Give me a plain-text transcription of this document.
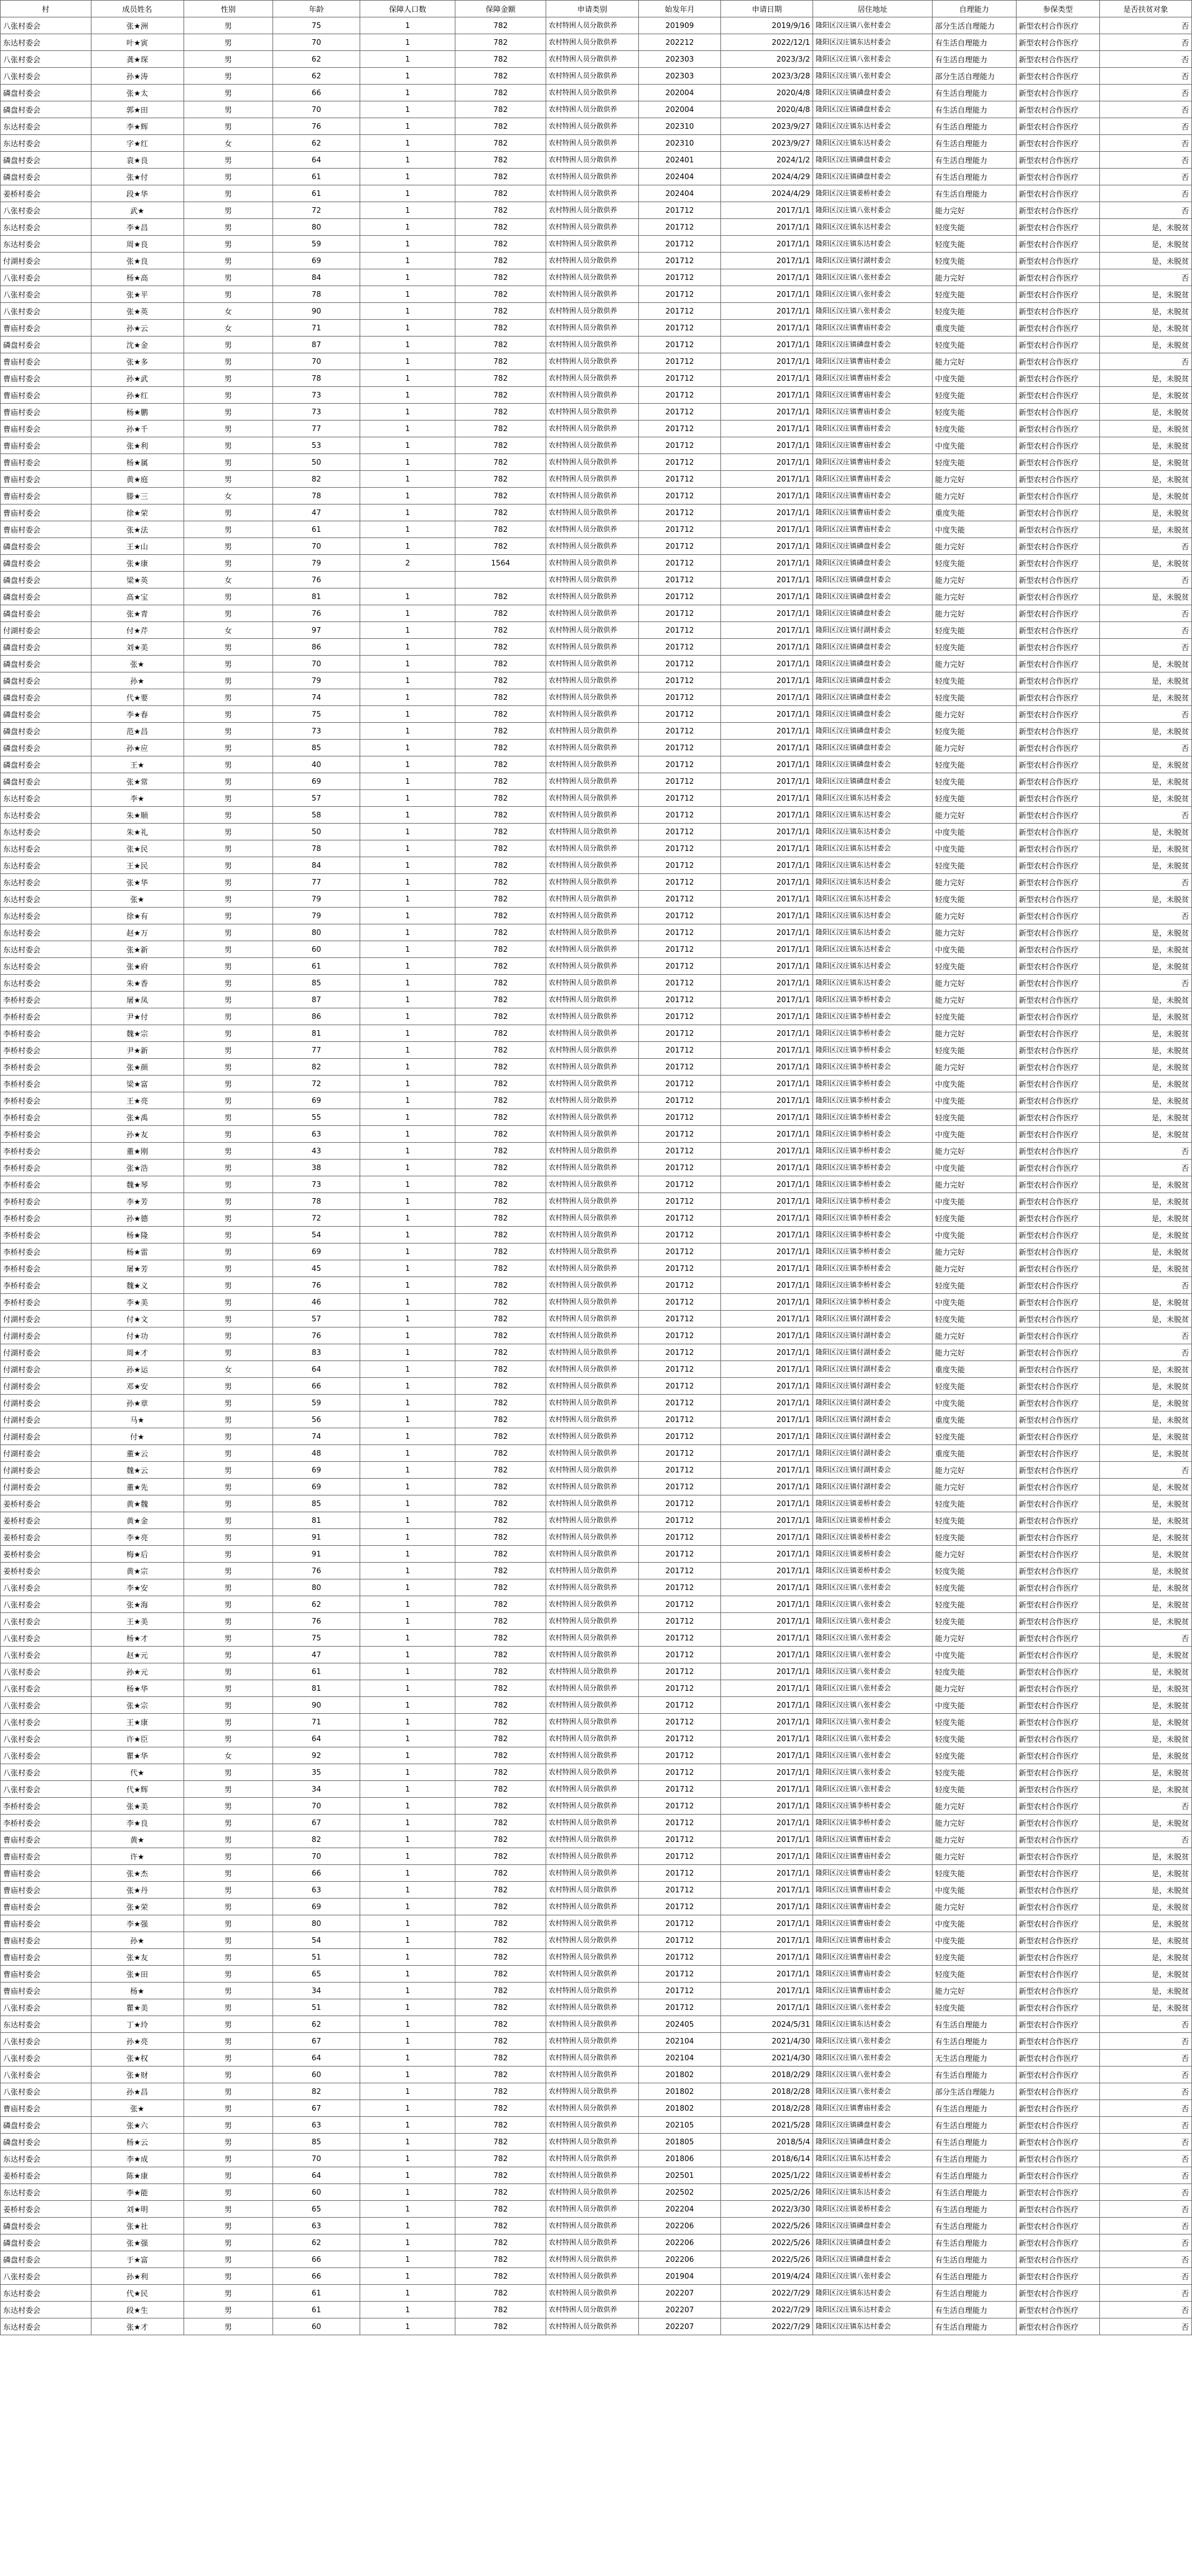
村	成员姓名	性别	年龄	保障人口数	保障金额	申请类别	始发年月	申请日期	居住地址	自理能力	参保类型	是否扶贫对象
八张村委会	张★洲	男	75	1	782	农村特困人员分散供养	201909	2019/9/16	隆阳区汉庄镇八张村委会	部分生活自理能力	新型农村合作医疗	否
东达村委会	叶★寅	男	70	1	782	农村特困人员分散供养	202212	2022/12/1	隆阳区汉庄镇东达村委会	有生活自理能力	新型农村合作医疗	否
八张村委会	龚★琛	男	62	1	782	农村特困人员分散供养	202303	2023/3/2	隆阳区汉庄镇八张村委会	有生活自理能力	新型农村合作医疗	否
八张村委会	孙★涛	男	62	1	782	农村特困人员分散供养	202303	2023/3/28	隆阳区汉庄镇八张村委会	部分生活自理能力	新型农村合作医疗	否
磷盘村委会	张★太	男	66	1	782	农村特困人员分散供养	202004	2020/4/8	隆阳区汉庄镇磷盘村委会	有生活自理能力	新型农村合作医疗	否
磷盘村委会	郭★田	男	70	1	782	农村特困人员分散供养	202004	2020/4/8	隆阳区汉庄镇磷盘村委会	有生活自理能力	新型农村合作医疗	否
东达村委会	李★辉	男	76	1	782	农村特困人员分散供养	202310	2023/9/27	隆阳区汉庄镇东达村委会	有生活自理能力	新型农村合作医疗	否
东达村委会	字★红	女	62	1	782	农村特困人员分散供养	202310	2023/9/27	隆阳区汉庄镇东达村委会	有生活自理能力	新型农村合作医疗	否
磷盘村委会	袁★良	男	64	1	782	农村特困人员分散供养	202401	2024/1/2	隆阳区汉庄镇磷盘村委会	有生活自理能力	新型农村合作医疗	否
磷盘村委会	张★付	男	61	1	782	农村特困人员分散供养	202404	2024/4/29	隆阳区汉庄镇磷盘村委会	有生活自理能力	新型农村合作医疗	否
姜桥村委会	段★华	男	61	1	782	农村特困人员分散供养	202404	2024/4/29	隆阳区汉庄镇姜桥村委会	有生活自理能力	新型农村合作医疗	否
八张村委会	武★	男	72	1	782	农村特困人员分散供养	201712	2017/1/1	隆阳区汉庄镇八张村委会	能力完好	新型农村合作医疗	否
东达村委会	李★昌	男	80	1	782	农村特困人员分散供养	201712	2017/1/1	隆阳区汉庄镇东达村委会	轻度失能	新型农村合作医疗	是，未脱贫
东达村委会	周★良	男	59	1	782	农村特困人员分散供养	201712	2017/1/1	隆阳区汉庄镇东达村委会	轻度失能	新型农村合作医疗	是，未脱贫
付湖村委会	张★良	男	69	1	782	农村特困人员分散供养	201712	2017/1/1	隆阳区汉庄镇付湖村委会	轻度失能	新型农村合作医疗	是，未脱贫
八张村委会	杨★高	男	84	1	782	农村特困人员分散供养	201712	2017/1/1	隆阳区汉庄镇八张村委会	能力完好	新型农村合作医疗	否
八张村委会	张★平	男	78	1	782	农村特困人员分散供养	201712	2017/1/1	隆阳区汉庄镇八张村委会	轻度失能	新型农村合作医疗	是，未脱贫
八张村委会	张★英	女	90	1	782	农村特困人员分散供养	201712	2017/1/1	隆阳区汉庄镇八张村委会	轻度失能	新型农村合作医疗	是，未脱贫
曹庙村委会	孙★云	女	71	1	782	农村特困人员分散供养	201712	2017/1/1	隆阳区汉庄镇曹庙村委会	重度失能	新型农村合作医疗	是，未脱贫
磷盘村委会	沈★金	男	87	1	782	农村特困人员分散供养	201712	2017/1/1	隆阳区汉庄镇磷盘村委会	轻度失能	新型农村合作医疗	是，未脱贫
曹庙村委会	张★多	男	70	1	782	农村特困人员分散供养	201712	2017/1/1	隆阳区汉庄镇曹庙村委会	能力完好	新型农村合作医疗	否
曹庙村委会	孙★武	男	78	1	782	农村特困人员分散供养	201712	2017/1/1	隆阳区汉庄镇曹庙村委会	中度失能	新型农村合作医疗	是，未脱贫
曹庙村委会	孙★红	男	73	1	782	农村特困人员分散供养	201712	2017/1/1	隆阳区汉庄镇曹庙村委会	轻度失能	新型农村合作医疗	是，未脱贫
曹庙村委会	杨★鹏	男	73	1	782	农村特困人员分散供养	201712	2017/1/1	隆阳区汉庄镇曹庙村委会	轻度失能	新型农村合作医疗	是，未脱贫
曹庙村委会	孙★千	男	77	1	782	农村特困人员分散供养	201712	2017/1/1	隆阳区汉庄镇曹庙村委会	轻度失能	新型农村合作医疗	是，未脱贫
曹庙村委会	张★利	男	53	1	782	农村特困人员分散供养	201712	2017/1/1	隆阳区汉庄镇曹庙村委会	中度失能	新型农村合作医疗	是，未脱贫
曹庙村委会	杨★属	男	50	1	782	农村特困人员分散供养	201712	2017/1/1	隆阳区汉庄镇曹庙村委会	轻度失能	新型农村合作医疗	是，未脱贫
曹庙村委会	黄★庭	男	82	1	782	农村特困人员分散供养	201712	2017/1/1	隆阳区汉庄镇曹庙村委会	能力完好	新型农村合作医疗	是，未脱贫
曹庙村委会	滕★三	女	78	1	782	农村特困人员分散供养	201712	2017/1/1	隆阳区汉庄镇曹庙村委会	能力完好	新型农村合作医疗	是，未脱贫
曹庙村委会	徐★荣	男	47	1	782	农村特困人员分散供养	201712	2017/1/1	隆阳区汉庄镇曹庙村委会	重度失能	新型农村合作医疗	是，未脱贫
曹庙村委会	张★法	男	61	1	782	农村特困人员分散供养	201712	2017/1/1	隆阳区汉庄镇曹庙村委会	中度失能	新型农村合作医疗	是，未脱贫
磷盘村委会	王★山	男	70	1	782	农村特困人员分散供养	201712	2017/1/1	隆阳区汉庄镇磷盘村委会	能力完好	新型农村合作医疗	否
磷盘村委会	张★康	男	79	2	1564	农村特困人员分散供养	201712	2017/1/1	隆阳区汉庄镇磷盘村委会	轻度失能	新型农村合作医疗	是，未脱贫
磷盘村委会	梁★英	女	76			农村特困人员分散供养	201712	2017/1/1	隆阳区汉庄镇磷盘村委会	能力完好	新型农村合作医疗	否
磷盘村委会	高★宝	男	81	1	782	农村特困人员分散供养	201712	2017/1/1	隆阳区汉庄镇磷盘村委会	能力完好	新型农村合作医疗	是，未脱贫
磷盘村委会	张★青	男	76	1	782	农村特困人员分散供养	201712	2017/1/1	隆阳区汉庄镇磷盘村委会	能力完好	新型农村合作医疗	否
付湖村委会	付★芹	女	97	1	782	农村特困人员分散供养	201712	2017/1/1	隆阳区汉庄镇付湖村委会	轻度失能	新型农村合作医疗	否
磷盘村委会	刘★美	男	86	1	782	农村特困人员分散供养	201712	2017/1/1	隆阳区汉庄镇磷盘村委会	轻度失能	新型农村合作医疗	否
磷盘村委会	张★	男	70	1	782	农村特困人员分散供养	201712	2017/1/1	隆阳区汉庄镇磷盘村委会	能力完好	新型农村合作医疗	是，未脱贫
磷盘村委会	孙★	男	79	1	782	农村特困人员分散供养	201712	2017/1/1	隆阳区汉庄镇磷盘村委会	轻度失能	新型农村合作医疗	是，未脱贫
磷盘村委会	代★要	男	74	1	782	农村特困人员分散供养	201712	2017/1/1	隆阳区汉庄镇磷盘村委会	轻度失能	新型农村合作医疗	是，未脱贫
磷盘村委会	李★春	男	75	1	782	农村特困人员分散供养	201712	2017/1/1	隆阳区汉庄镇磷盘村委会	能力完好	新型农村合作医疗	否
磷盘村委会	范★昌	男	73	1	782	农村特困人员分散供养	201712	2017/1/1	隆阳区汉庄镇磷盘村委会	轻度失能	新型农村合作医疗	是，未脱贫
磷盘村委会	孙★应	男	85	1	782	农村特困人员分散供养	201712	2017/1/1	隆阳区汉庄镇磷盘村委会	能力完好	新型农村合作医疗	否
磷盘村委会	王★	男	40	1	782	农村特困人员分散供养	201712	2017/1/1	隆阳区汉庄镇磷盘村委会	轻度失能	新型农村合作医疗	是，未脱贫
磷盘村委会	张★常	男	69	1	782	农村特困人员分散供养	201712	2017/1/1	隆阳区汉庄镇磷盘村委会	轻度失能	新型农村合作医疗	是，未脱贫
东达村委会	李★	男	57	1	782	农村特困人员分散供养	201712	2017/1/1	隆阳区汉庄镇东达村委会	轻度失能	新型农村合作医疗	是，未脱贫
东达村委会	朱★顺	男	58	1	782	农村特困人员分散供养	201712	2017/1/1	隆阳区汉庄镇东达村委会	能力完好	新型农村合作医疗	否
东达村委会	朱★礼	男	50	1	782	农村特困人员分散供养	201712	2017/1/1	隆阳区汉庄镇东达村委会	中度失能	新型农村合作医疗	是，未脱贫
东达村委会	张★民	男	78	1	782	农村特困人员分散供养	201712	2017/1/1	隆阳区汉庄镇东达村委会	中度失能	新型农村合作医疗	是，未脱贫
东达村委会	王★民	男	84	1	782	农村特困人员分散供养	201712	2017/1/1	隆阳区汉庄镇东达村委会	轻度失能	新型农村合作医疗	是，未脱贫
东达村委会	张★华	男	77	1	782	农村特困人员分散供养	201712	2017/1/1	隆阳区汉庄镇东达村委会	能力完好	新型农村合作医疗	否
东达村委会	张★	男	79	1	782	农村特困人员分散供养	201712	2017/1/1	隆阳区汉庄镇东达村委会	轻度失能	新型农村合作医疗	是，未脱贫
东达村委会	徐★有	男	79	1	782	农村特困人员分散供养	201712	2017/1/1	隆阳区汉庄镇东达村委会	能力完好	新型农村合作医疗	否
东达村委会	赵★万	男	80	1	782	农村特困人员分散供养	201712	2017/1/1	隆阳区汉庄镇东达村委会	能力完好	新型农村合作医疗	是，未脱贫
东达村委会	张★新	男	60	1	782	农村特困人员分散供养	201712	2017/1/1	隆阳区汉庄镇东达村委会	中度失能	新型农村合作医疗	是，未脱贫
东达村委会	张★府	男	61	1	782	农村特困人员分散供养	201712	2017/1/1	隆阳区汉庄镇东达村委会	轻度失能	新型农村合作医疗	是，未脱贫
东达村委会	朱★香	男	85	1	782	农村特困人员分散供养	201712	2017/1/1	隆阳区汉庄镇东达村委会	能力完好	新型农村合作医疗	否
李桥村委会	屠★凤	男	87	1	782	农村特困人员分散供养	201712	2017/1/1	隆阳区汉庄镇李桥村委会	能力完好	新型农村合作医疗	是，未脱贫
李桥村委会	尹★付	男	86	1	782	农村特困人员分散供养	201712	2017/1/1	隆阳区汉庄镇李桥村委会	轻度失能	新型农村合作医疗	是，未脱贫
李桥村委会	魏★宗	男	81	1	782	农村特困人员分散供养	201712	2017/1/1	隆阳区汉庄镇李桥村委会	能力完好	新型农村合作医疗	是，未脱贫
李桥村委会	尹★新	男	77	1	782	农村特困人员分散供养	201712	2017/1/1	隆阳区汉庄镇李桥村委会	轻度失能	新型农村合作医疗	是，未脱贫
李桥村委会	张★颜	男	82	1	782	农村特困人员分散供养	201712	2017/1/1	隆阳区汉庄镇李桥村委会	能力完好	新型农村合作医疗	是，未脱贫
李桥村委会	梁★富	男	72	1	782	农村特困人员分散供养	201712	2017/1/1	隆阳区汉庄镇李桥村委会	中度失能	新型农村合作医疗	是，未脱贫
李桥村委会	王★亮	男	69	1	782	农村特困人员分散供养	201712	2017/1/1	隆阳区汉庄镇李桥村委会	中度失能	新型农村合作医疗	是，未脱贫
李桥村委会	张★禹	男	55	1	782	农村特困人员分散供养	201712	2017/1/1	隆阳区汉庄镇李桥村委会	轻度失能	新型农村合作医疗	是，未脱贫
李桥村委会	孙★友	男	63	1	782	农村特困人员分散供养	201712	2017/1/1	隆阳区汉庄镇李桥村委会	中度失能	新型农村合作医疗	是，未脱贫
李桥村委会	董★刚	男	43	1	782	农村特困人员分散供养	201712	2017/1/1	隆阳区汉庄镇李桥村委会	能力完好	新型农村合作医疗	否
李桥村委会	张★浩	男	38	1	782	农村特困人员分散供养	201712	2017/1/1	隆阳区汉庄镇李桥村委会	中度失能	新型农村合作医疗	否
李桥村委会	魏★琴	男	73	1	782	农村特困人员分散供养	201712	2017/1/1	隆阳区汉庄镇李桥村委会	能力完好	新型农村合作医疗	是，未脱贫
李桥村委会	李★芳	男	78	1	782	农村特困人员分散供养	201712	2017/1/1	隆阳区汉庄镇李桥村委会	中度失能	新型农村合作医疗	是，未脱贫
李桥村委会	孙★德	男	72	1	782	农村特困人员分散供养	201712	2017/1/1	隆阳区汉庄镇李桥村委会	轻度失能	新型农村合作医疗	是，未脱贫
李桥村委会	杨★隆	男	54	1	782	农村特困人员分散供养	201712	2017/1/1	隆阳区汉庄镇李桥村委会	中度失能	新型农村合作医疗	是，未脱贫
李桥村委会	杨★雷	男	69	1	782	农村特困人员分散供养	201712	2017/1/1	隆阳区汉庄镇李桥村委会	能力完好	新型农村合作医疗	是，未脱贫
李桥村委会	屠★芳	男	45	1	782	农村特困人员分散供养	201712	2017/1/1	隆阳区汉庄镇李桥村委会	能力完好	新型农村合作医疗	是，未脱贫
李桥村委会	魏★义	男	76	1	782	农村特困人员分散供养	201712	2017/1/1	隆阳区汉庄镇李桥村委会	轻度失能	新型农村合作医疗	否
李桥村委会	李★美	男	46	1	782	农村特困人员分散供养	201712	2017/1/1	隆阳区汉庄镇李桥村委会	中度失能	新型农村合作医疗	是，未脱贫
付湖村委会	付★文	男	57	1	782	农村特困人员分散供养	201712	2017/1/1	隆阳区汉庄镇付湖村委会	轻度失能	新型农村合作医疗	是，未脱贫
付湖村委会	付★功	男	76	1	782	农村特困人员分散供养	201712	2017/1/1	隆阳区汉庄镇付湖村委会	能力完好	新型农村合作医疗	否
付湖村委会	周★才	男	83	1	782	农村特困人员分散供养	201712	2017/1/1	隆阳区汉庄镇付湖村委会	能力完好	新型农村合作医疗	否
付湖村委会	孙★运	女	64	1	782	农村特困人员分散供养	201712	2017/1/1	隆阳区汉庄镇付湖村委会	重度失能	新型农村合作医疗	是，未脱贫
付湖村委会	邓★安	男	66	1	782	农村特困人员分散供养	201712	2017/1/1	隆阳区汉庄镇付湖村委会	轻度失能	新型农村合作医疗	是，未脱贫
付湖村委会	孙★章	男	59	1	782	农村特困人员分散供养	201712	2017/1/1	隆阳区汉庄镇付湖村委会	中度失能	新型农村合作医疗	是，未脱贫
付湖村委会	马★	男	56	1	782	农村特困人员分散供养	201712	2017/1/1	隆阳区汉庄镇付湖村委会	重度失能	新型农村合作医疗	是，未脱贫
付湖村委会	付★	男	74	1	782	农村特困人员分散供养	201712	2017/1/1	隆阳区汉庄镇付湖村委会	轻度失能	新型农村合作医疗	是，未脱贫
付湖村委会	董★云	男	48	1	782	农村特困人员分散供养	201712	2017/1/1	隆阳区汉庄镇付湖村委会	重度失能	新型农村合作医疗	是，未脱贫
付湖村委会	魏★云	男	69	1	782	农村特困人员分散供养	201712	2017/1/1	隆阳区汉庄镇付湖村委会	能力完好	新型农村合作医疗	否
付湖村委会	董★先	男	69	1	782	农村特困人员分散供养	201712	2017/1/1	隆阳区汉庄镇付湖村委会	能力完好	新型农村合作医疗	是，未脱贫
姜桥村委会	黄★魏	男	85	1	782	农村特困人员分散供养	201712	2017/1/1	隆阳区汉庄镇姜桥村委会	轻度失能	新型农村合作医疗	是，未脱贫
姜桥村委会	黄★金	男	81	1	782	农村特困人员分散供养	201712	2017/1/1	隆阳区汉庄镇姜桥村委会	轻度失能	新型农村合作医疗	是，未脱贫
姜桥村委会	李★亮	男	91	1	782	农村特困人员分散供养	201712	2017/1/1	隆阳区汉庄镇姜桥村委会	轻度失能	新型农村合作医疗	是，未脱贫
姜桥村委会	梅★后	男	91	1	782	农村特困人员分散供养	201712	2017/1/1	隆阳区汉庄镇姜桥村委会	能力完好	新型农村合作医疗	是，未脱贫
姜桥村委会	黄★宗	男	76	1	782	农村特困人员分散供养	201712	2017/1/1	隆阳区汉庄镇姜桥村委会	轻度失能	新型农村合作医疗	是，未脱贫
八张村委会	李★安	男	80	1	782	农村特困人员分散供养	201712	2017/1/1	隆阳区汉庄镇八张村委会	轻度失能	新型农村合作医疗	是，未脱贫
八张村委会	张★海	男	62	1	782	农村特困人员分散供养	201712	2017/1/1	隆阳区汉庄镇八张村委会	轻度失能	新型农村合作医疗	是，未脱贫
八张村委会	王★美	男	76	1	782	农村特困人员分散供养	201712	2017/1/1	隆阳区汉庄镇八张村委会	轻度失能	新型农村合作医疗	是，未脱贫
八张村委会	杨★才	男	75	1	782	农村特困人员分散供养	201712	2017/1/1	隆阳区汉庄镇八张村委会	能力完好	新型农村合作医疗	否
八张村委会	赵★元	男	47	1	782	农村特困人员分散供养	201712	2017/1/1	隆阳区汉庄镇八张村委会	中度失能	新型农村合作医疗	是，未脱贫
八张村委会	孙★元	男	61	1	782	农村特困人员分散供养	201712	2017/1/1	隆阳区汉庄镇八张村委会	轻度失能	新型农村合作医疗	是，未脱贫
八张村委会	杨★华	男	81	1	782	农村特困人员分散供养	201712	2017/1/1	隆阳区汉庄镇八张村委会	能力完好	新型农村合作医疗	是，未脱贫
八张村委会	张★宗	男	90	1	782	农村特困人员分散供养	201712	2017/1/1	隆阳区汉庄镇八张村委会	中度失能	新型农村合作医疗	是，未脱贫
八张村委会	王★康	男	71	1	782	农村特困人员分散供养	201712	2017/1/1	隆阳区汉庄镇八张村委会	轻度失能	新型农村合作医疗	是，未脱贫
八张村委会	许★臣	男	64	1	782	农村特困人员分散供养	201712	2017/1/1	隆阳区汉庄镇八张村委会	轻度失能	新型农村合作医疗	是，未脱贫
八张村委会	瞿★华	女	92	1	782	农村特困人员分散供养	201712	2017/1/1	隆阳区汉庄镇八张村委会	轻度失能	新型农村合作医疗	是，未脱贫
八张村委会	代★	男	35	1	782	农村特困人员分散供养	201712	2017/1/1	隆阳区汉庄镇八张村委会	轻度失能	新型农村合作医疗	是，未脱贫
八张村委会	代★辉	男	34	1	782	农村特困人员分散供养	201712	2017/1/1	隆阳区汉庄镇八张村委会	轻度失能	新型农村合作医疗	是，未脱贫
李桥村委会	张★美	男	70	1	782	农村特困人员分散供养	201712	2017/1/1	隆阳区汉庄镇李桥村委会	能力完好	新型农村合作医疗	否
李桥村委会	李★良	男	67	1	782	农村特困人员分散供养	201712	2017/1/1	隆阳区汉庄镇李桥村委会	能力完好	新型农村合作医疗	是，未脱贫
曹庙村委会	黄★	男	82	1	782	农村特困人员分散供养	201712	2017/1/1	隆阳区汉庄镇曹庙村委会	能力完好	新型农村合作医疗	否
曹庙村委会	许★	男	70	1	782	农村特困人员分散供养	201712	2017/1/1	隆阳区汉庄镇曹庙村委会	能力完好	新型农村合作医疗	是，未脱贫
曹庙村委会	张★杰	男	66	1	782	农村特困人员分散供养	201712	2017/1/1	隆阳区汉庄镇曹庙村委会	轻度失能	新型农村合作医疗	是，未脱贫
曹庙村委会	张★丹	男	63	1	782	农村特困人员分散供养	201712	2017/1/1	隆阳区汉庄镇曹庙村委会	中度失能	新型农村合作医疗	是，未脱贫
曹庙村委会	张★荣	男	69	1	782	农村特困人员分散供养	201712	2017/1/1	隆阳区汉庄镇曹庙村委会	能力完好	新型农村合作医疗	是，未脱贫
曹庙村委会	李★强	男	80	1	782	农村特困人员分散供养	201712	2017/1/1	隆阳区汉庄镇曹庙村委会	中度失能	新型农村合作医疗	是，未脱贫
曹庙村委会	孙★	男	54	1	782	农村特困人员分散供养	201712	2017/1/1	隆阳区汉庄镇曹庙村委会	中度失能	新型农村合作医疗	是，未脱贫
曹庙村委会	张★友	男	51	1	782	农村特困人员分散供养	201712	2017/1/1	隆阳区汉庄镇曹庙村委会	轻度失能	新型农村合作医疗	是，未脱贫
曹庙村委会	张★田	男	65	1	782	农村特困人员分散供养	201712	2017/1/1	隆阳区汉庄镇曹庙村委会	轻度失能	新型农村合作医疗	是，未脱贫
曹庙村委会	杨★	男	34	1	782	农村特困人员分散供养	201712	2017/1/1	隆阳区汉庄镇曹庙村委会	能力完好	新型农村合作医疗	是，未脱贫
八张村委会	瞿★美	男	51	1	782	农村特困人员分散供养	201712	2017/1/1	隆阳区汉庄镇八张村委会	轻度失能	新型农村合作医疗	是，未脱贫
东达村委会	丁★玲	男	62	1	782	农村特困人员分散供养	202405	2024/5/31	隆阳区汉庄镇东达村委会	有生活自理能力	新型农村合作医疗	否
八张村委会	孙★亮	男	67	1	782	农村特困人员分散供养	202104	2021/4/30	隆阳区汉庄镇八张村委会	有生活自理能力	新型农村合作医疗	否
八张村委会	张★权	男	64	1	782	农村特困人员分散供养	202104	2021/4/30	隆阳区汉庄镇八张村委会	无生活自理能力	新型农村合作医疗	否
八张村委会	张★财	男	60	1	782	农村特困人员分散供养	201802	2018/2/29	隆阳区汉庄镇八张村委会	有生活自理能力	新型农村合作医疗	否
八张村委会	孙★昌	男	82	1	782	农村特困人员分散供养	201802	2018/2/28	隆阳区汉庄镇八张村委会	部分生活自理能力	新型农村合作医疗	否
曹庙村委会	张★	男	67	1	782	农村特困人员分散供养	201802	2018/2/28	隆阳区汉庄镇曹庙村委会	有生活自理能力	新型农村合作医疗	否
磷盘村委会	张★六	男	63	1	782	农村特困人员分散供养	202105	2021/5/28	隆阳区汉庄镇磷盘村委会	有生活自理能力	新型农村合作医疗	否
磷盘村委会	杨★云	男	85	1	782	农村特困人员分散供养	201805	2018/5/4	隆阳区汉庄镇磷盘村委会	有生活自理能力	新型农村合作医疗	否
东达村委会	李★成	男	70	1	782	农村特困人员分散供养	201806	2018/6/14	隆阳区汉庄镇东达村委会	有生活自理能力	新型农村合作医疗	否
姜桥村委会	陈★康	男	64	1	782	农村特困人员分散供养	202501	2025/1/22	隆阳区汉庄镇姜桥村委会	有生活自理能力	新型农村合作医疗	否
东达村委会	李★能	男	60	1	782	农村特困人员分散供养	202502	2025/2/26	隆阳区汉庄镇东达村委会	有生活自理能力	新型农村合作医疗	否
姜桥村委会	刘★明	男	65	1	782	农村特困人员分散供养	202204	2022/3/30	隆阳区汉庄镇姜桥村委会	有生活自理能力	新型农村合作医疗	否
磷盘村委会	张★社	男	63	1	782	农村特困人员分散供养	202206	2022/5/26	隆阳区汉庄镇磷盘村委会	有生活自理能力	新型农村合作医疗	否
磷盘村委会	张★强	男	62	1	782	农村特困人员分散供养	202206	2022/5/26	隆阳区汉庄镇磷盘村委会	有生活自理能力	新型农村合作医疗	否
磷盘村委会	于★富	男	66	1	782	农村特困人员分散供养	202206	2022/5/26	隆阳区汉庄镇磷盘村委会	有生活自理能力	新型农村合作医疗	否
八张村委会	孙★利	男	66	1	782	农村特困人员分散供养	201904	2019/4/24	隆阳区汉庄镇八张村委会	有生活自理能力	新型农村合作医疗	否
东达村委会	代★民	男	61	1	782	农村特困人员分散供养	202207	2022/7/29	隆阳区汉庄镇东达村委会	有生活自理能力	新型农村合作医疗	否
东达村委会	段★生	男	61	1	782	农村特困人员分散供养	202207	2022/7/29	隆阳区汉庄镇东达村委会	有生活自理能力	新型农村合作医疗	否
东达村委会	张★才	男	60	1	782	农村特困人员分散供养	202207	2022/7/29	隆阳区汉庄镇东达村委会	有生活自理能力	新型农村合作医疗	否
